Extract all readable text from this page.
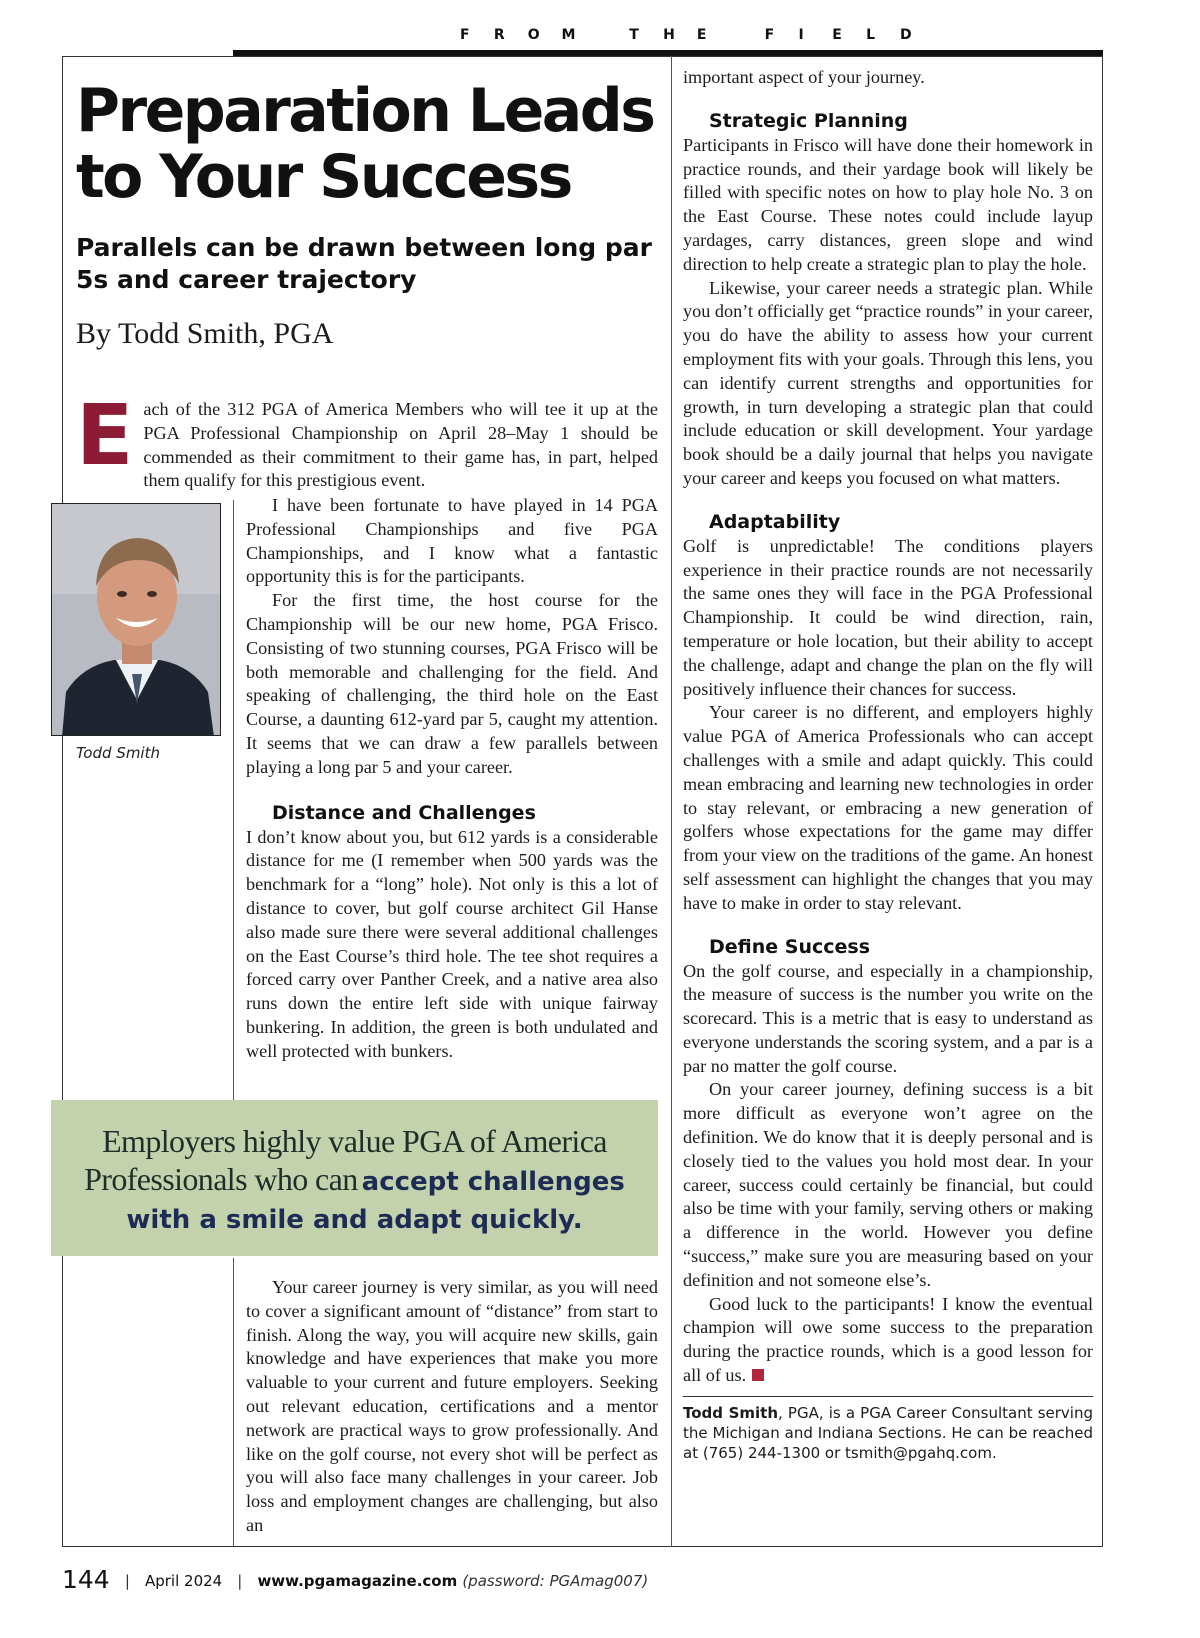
F R O M	T H E	F I E L D
Preparation Leads to Your Success
Parallels can be drawn between long par 5s and career trajectory

By Todd Smith, PGA

E ach of the 312 PGA of America Members who will tee it up at the PGA Professional Championship on April 28–May 1 should be commended as their commitment to their game has, in part, helped them qualify for this prestigious event.

Todd Smith

I have been fortunate to have played in 14 PGA Professional Championships and five PGA Championships, and I know what a fantastic opportunity this is for the participants.

For the first time, the host course for the Championship will be our new home, PGA Frisco. Consisting of two stunning courses, PGA Frisco will be both memorable and challenging for the field. And speaking of challenging, the third hole on the East Course, a daunting 612-yard par 5, caught my attention. It seems that we can draw a few parallels between playing a long par 5 and your career.

Distance and Challenges

I don’t know about you, but 612 yards is a considerable distance for me (I remember when 500 yards was the benchmark for a “long” hole). Not only is this a lot of distance to cover, but golf course architect Gil Hanse also made sure there were several additional challenges on the East Course’s third hole. The tee shot requires a forced carry over Panther Creek, and a native area also runs down the entire left side with unique fairway bunkering. In addition, the green is both undulated and well protected with bunkers.

Employers highly value PGA of America Professionals who can accept challenges with a smile and adapt quickly.

Your career journey is very similar, as you will need to cover a significant amount of “distance” from start to finish. Along the way, you will acquire new skills, gain knowledge and have experiences that make you more valuable to your current and future employers. Seeking out relevant education, certifications and a mentor network are practical ways to grow professionally. And like on the golf course, not every shot will be perfect as you will also face many challenges in your career. Job loss and employment changes are challenging, but also an

important aspect of your journey.

Strategic Planning

Participants in Frisco will have done their homework in practice rounds, and their yardage book will likely be filled with specific notes on how to play hole No. 3 on the East Course. These notes could include layup yardages, carry distances, green slope and wind direction to help create a strategic plan to play the hole.

Likewise, your career needs a strategic plan. While you don’t officially get “practice rounds” in your career, you do have the ability to assess how your current employment fits with your goals. Through this lens, you can identify current strengths and opportunities for growth, in turn developing a strategic plan that could include education or skill development. Your yardage book should be a daily journal that helps you navigate your career and keeps you focused on what matters.

Adaptability

Golf is unpredictable! The conditions players experience in their practice rounds are not necessarily the same ones they will face in the PGA Professional Championship. It could be wind direction, rain, temperature or hole location, but their ability to accept the challenge, adapt and change the plan on the fly will positively influence their chances for success.

Your career is no different, and employers highly value PGA of America Professionals who can accept challenges with a smile and adapt quickly. This could mean embracing and learning new technologies in order to stay relevant, or embracing a new generation of golfers whose expectations for the game may differ from your view on the traditions of the game. An honest self assessment can highlight the changes that you may have to make in order to stay relevant.

Define Success

On the golf course, and especially in a championship, the measure of success is the number you write on the scorecard. This is a metric that is easy to understand as everyone understands the scoring system, and a par is a par no matter the golf course.

On your career journey, defining success is a bit more difficult as everyone won’t agree on the definition. We do know that it is deeply personal and is closely tied to the values you hold most dear. In your career, success could certainly be financial, but could also be time with your family, serving others or making a difference in the world. However you define “success,” make sure you are measuring based on your definition and not someone else’s.

Good luck to the participants! I know the eventual champion will owe some success to the preparation during the practice rounds, which is a good lesson for all of us.

Todd Smith, PGA, is a PGA Career Consultant serving the Michigan and Indiana Sections. He can be reached at (765) 244-1300 or tsmith@pgahq.com.
144 | April 2024 | www.pgamagazine.com (password: PGAmag007)
